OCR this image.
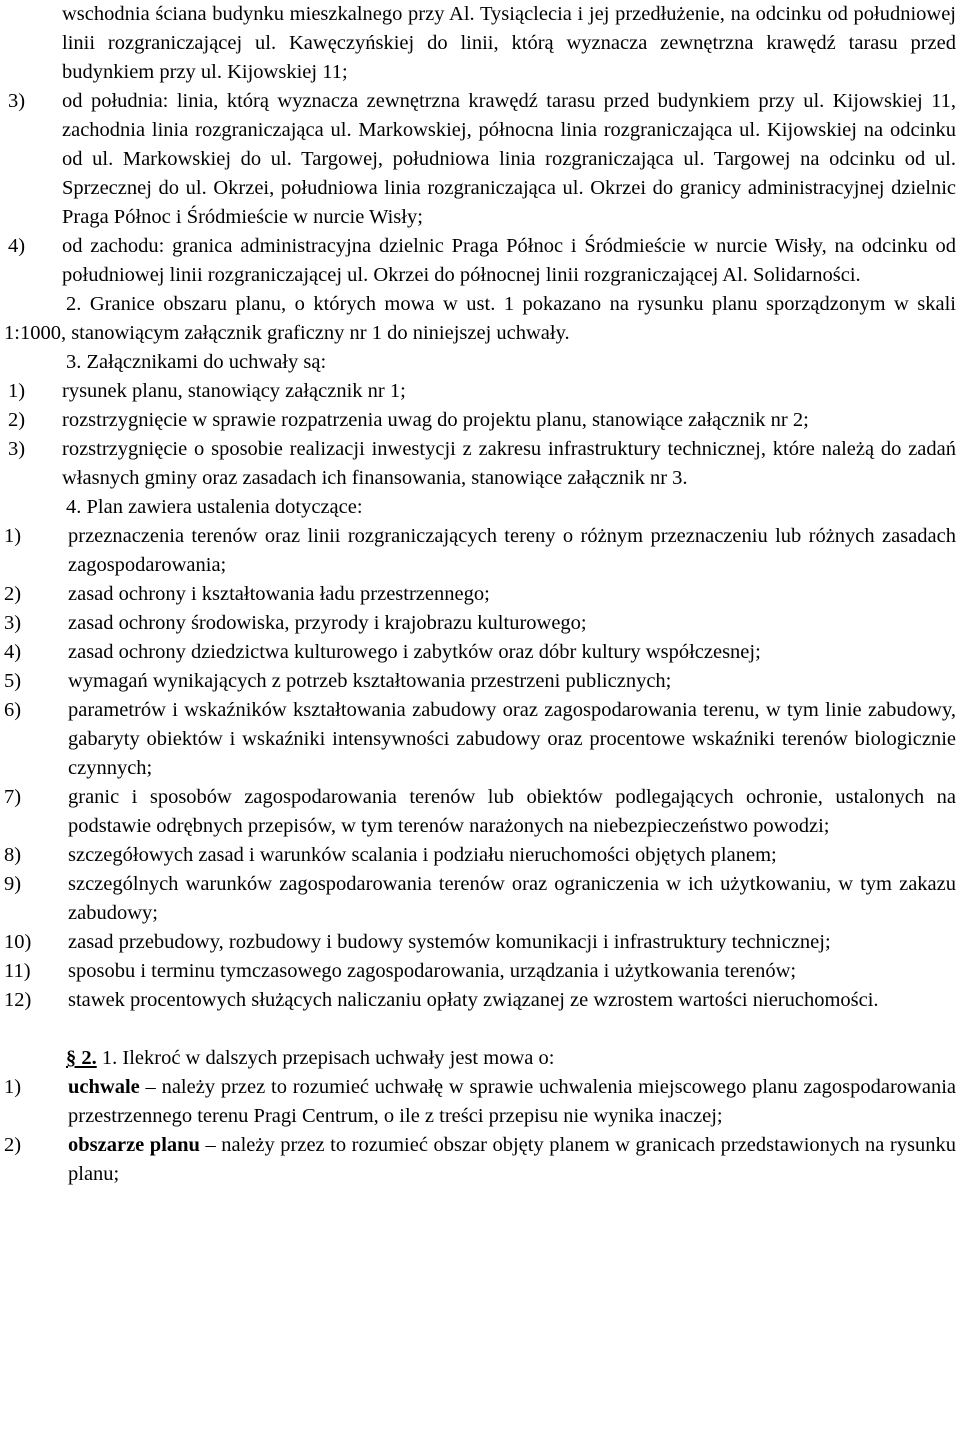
wschodnia ściana budynku mieszkalnego przy Al. Tysiąclecia i jej przedłużenie, na odcinku od południowej linii rozgraniczającej ul. Kawęczyńskiej do linii, którą wyznacza zewnętrzna krawędź tarasu przed budynkiem przy ul. Kijowskiej 11;

3)	od południa: linia, którą wyznacza zewnętrzna krawędź tarasu przed budynkiem przy ul. Kijowskiej 11, zachodnia linia rozgraniczająca ul. Markowskiej, północna linia rozgraniczająca ul. Kijowskiej na odcinku od ul. Markowskiej do ul. Targowej, południowa linia rozgraniczająca ul. Targowej na odcinku od ul. Sprzecznej do ul. Okrzei, południowa linia rozgraniczająca ul. Okrzei do granicy administracyjnej dzielnic Praga Północ i Śródmieście w nurcie Wisły;
4)	od zachodu: granica administracyjna dzielnic Praga Północ i Śródmieście w nurcie Wisły, na odcinku od południowej linii rozgraniczającej ul. Okrzei do północnej linii rozgraniczającej Al. Solidarności.

2. Granice obszaru planu, o których mowa w ust. 1 pokazano na rysunku planu sporządzonym w skali 1:1000, stanowiącym załącznik graficzny nr 1 do niniejszej uchwały.

3. Załącznikami do uchwały są:

1)	rysunek planu, stanowiący załącznik nr 1;
2)	rozstrzygnięcie w sprawie rozpatrzenia uwag do projektu planu, stanowiące załącznik nr 2;
3)	rozstrzygnięcie o sposobie realizacji inwestycji z zakresu infrastruktury technicznej, które należą do zadań własnych gminy oraz zasadach ich finansowania, stanowiące załącznik nr 3.

4. Plan zawiera ustalenia dotyczące:

1)	przeznaczenia terenów oraz linii rozgraniczających tereny o różnym przeznaczeniu lub różnych zasadach zagospodarowania;
2)	zasad ochrony i kształtowania ładu przestrzennego;
3)	zasad ochrony środowiska, przyrody i krajobrazu kulturowego;
4)	zasad ochrony dziedzictwa kulturowego i zabytków oraz dóbr kultury współczesnej;
5)	wymagań wynikających z potrzeb kształtowania przestrzeni publicznych;
6)	parametrów i wskaźników kształtowania zabudowy oraz zagospodarowania terenu, w tym linie zabudowy, gabaryty obiektów i wskaźniki intensywności zabudowy oraz procentowe wskaźniki terenów biologicznie czynnych;
7)	granic i sposobów zagospodarowania terenów lub obiektów podlegających ochronie, ustalonych na podstawie odrębnych przepisów, w tym terenów narażonych na niebezpieczeństwo powodzi;
8)	szczegółowych zasad i warunków scalania i podziału nieruchomości objętych planem;
9)	szczególnych warunków zagospodarowania terenów oraz ograniczenia w ich użytkowaniu, w tym zakazu zabudowy;
10)	zasad przebudowy, rozbudowy i budowy systemów komunikacji i infrastruktury technicznej;
11)	sposobu i terminu tymczasowego zagospodarowania, urządzania i użytkowania terenów;
12)	stawek procentowych służących naliczaniu opłaty związanej ze wzrostem wartości nieruchomości.

§ 2. 1. Ilekroć w dalszych przepisach uchwały jest mowa o:

1)	uchwale – należy przez to rozumieć uchwałę w sprawie uchwalenia miejscowego planu zagospodarowania przestrzennego terenu Pragi Centrum, o ile z treści przepisu nie wynika inaczej;
2)	obszarze planu – należy przez to rozumieć obszar objęty planem w granicach przedstawionych na rysunku planu;
